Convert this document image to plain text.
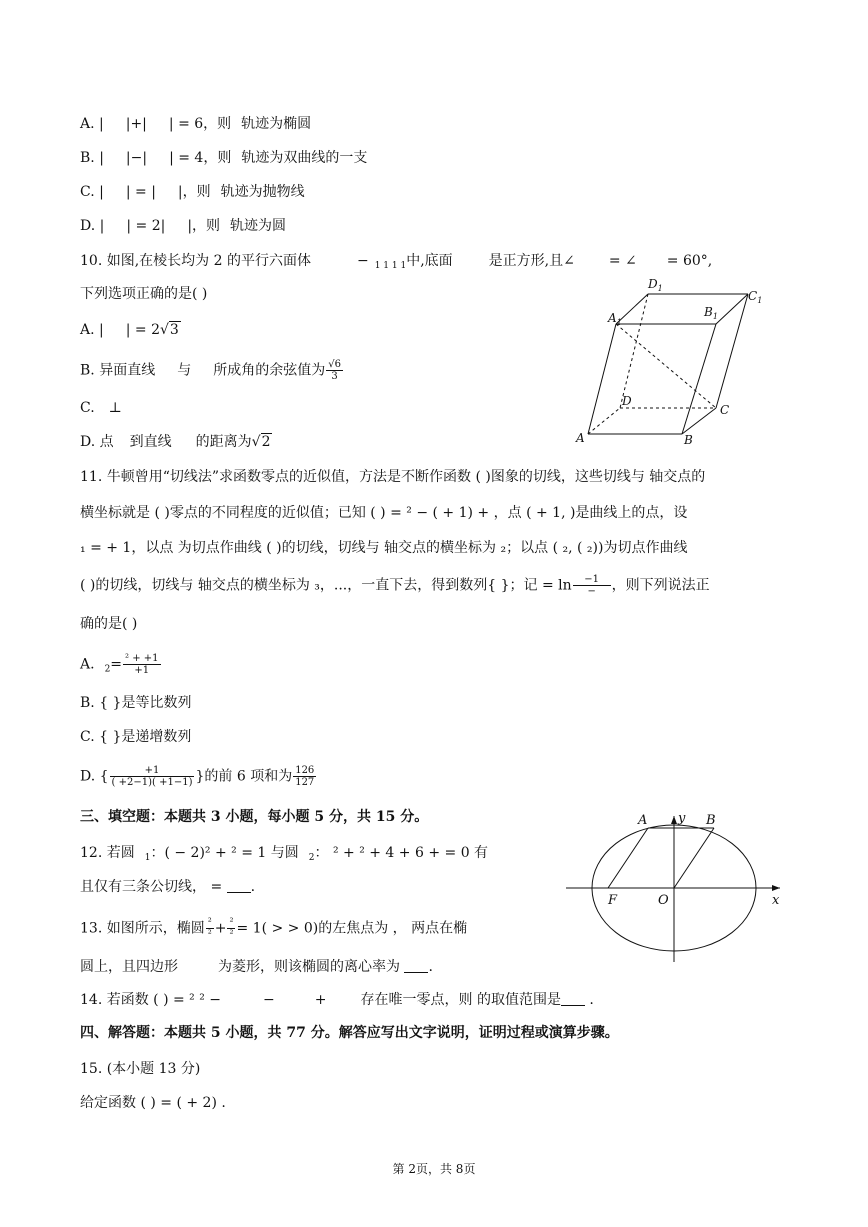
A. | |+| | = 6，则 轨迹为椭圆
B. | |−| | = 4，则 轨迹为双曲线的一支
C. | | = | |，则 轨迹为抛物线
D. | | = 2| |，则 轨迹为圆
10. 如图,在棱长均为 2 的平行六面体	− $_{1 1 1 1}$中,底面	是正方形,且∠ = ∠ = 60°,
下列选项正确的是( )
A. | | = 2√3
B. 异面直线 与 所成角的余弦值为 $\frac{√6}{3}$
C. ⊥
D. 点 到直线 的距离为√2
$D_1$
$C_1$
$A_1$
$B_1$
D
C
A	B
11. 牛顿曾用“切线法”求函数零点的近似值，方法是不断作函数 ( )图象的切线，这些切线与 轴交点的
横坐标就是 ( )零点的不同程度的近似值；已知 ( ) = ² − ( + 1) + ，点 ( + 1, )是曲线上的点，设
₁ = + 1，以点 为切点作曲线 ( )的切线，切线与 轴交点的横坐标为 ₂；以点 ( ₂, ( ₂))为切点作曲线
( )的切线，切线与 轴交点的横坐标为 ₃，...，一直下去，得到数列{ }；记 = $\ln \frac{-1}{-}$ ，则下列说法正
确的是( )
A. $_2= \frac{\text{² + +1}}{+1}$
B. { }是等比数列
C. { }是递增数列
D. { $\frac{+1}{( +2-1)( +1-1)}$ }的前 6 项和为 $\frac{126}{127}$
三、填空题：本题共 3 小题，每小题 5 分，共 15 分。
12. 若圆 $_1$：( − 2)² + ² = 1 与圆 $_2$： ² + ² + 4 + 6 + = 0 有
且仅有三条公切线， = .
13. 如图所示，椭圆 $\frac{\text{²}}{\text{²}} + \frac{\text{²}}{\text{²}} = 1$( > > 0)的左焦点为 ， 两点在椭
圆上，且四边形	为菱形，则该椭圆的离心率为 .
A	B
F	O	x
y
14. 若函数 ( ) = ² ² −	−	+ 存在唯一零点，则 的取值范围是 .
四、解答题：本题共 5 小题，共 77 分。解答应写出文字说明，证明过程或演算步骤。
15. (本小题 13 分)
给定函数 ( ) = ( + 2) .
第 2页，共 8页
